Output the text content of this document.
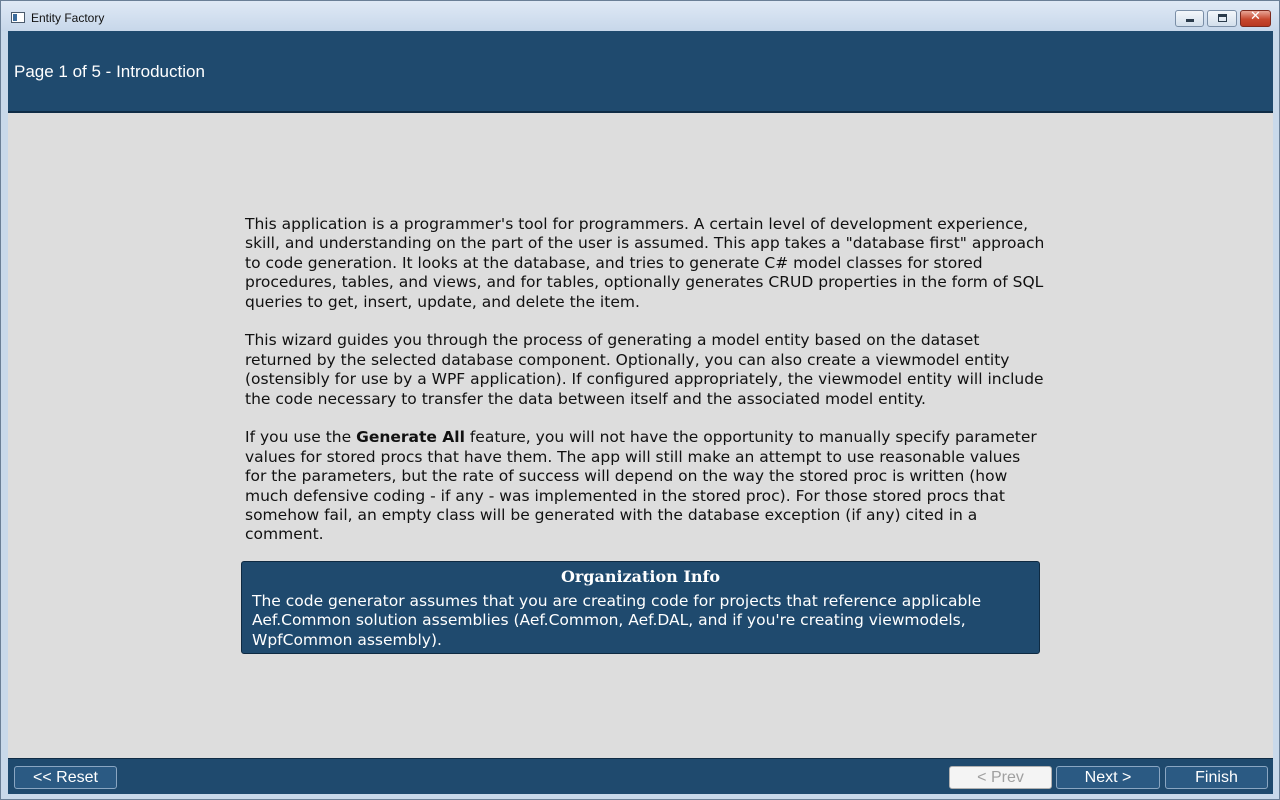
Entity Factory	✕
Page 1 of 5 - Introduction

This application is a programmer's tool for programmers. A certain level of development experience, skill, and understanding on the part of the user is assumed. This app takes a "database first" approach to code generation. It looks at the database, and tries to generate C# model classes for stored procedures, tables, and views, and for tables, optionally generates CRUD properties in the form of SQL queries to get, insert, update, and delete the item.

This wizard guides you through the process of generating a model entity based on the dataset returned by the selected database component. Optionally, you can also create a viewmodel entity (ostensibly for use by a WPF application). If configured appropriately, the viewmodel entity will include the code necessary to transfer the data between itself and the associated model entity.

If you use the Generate All feature, you will not have the opportunity to manually specify parameter values for stored procs that have them. The app will still make an attempt to use reasonable values for the parameters, but the rate of success will depend on the way the stored proc is written (how much defensive coding - if any - was implemented in the stored proc). For those stored procs that somehow fail, an empty class will be generated with the database exception (if any) cited in a comment.

Organization Info
The code generator assumes that you are creating code for projects that reference applicable Aef.Common solution assemblies (Aef.Common, Aef.DAL, and if you're creating viewmodels, WpfCommon assembly).
<< Reset	< Prev	Next >	Finish
